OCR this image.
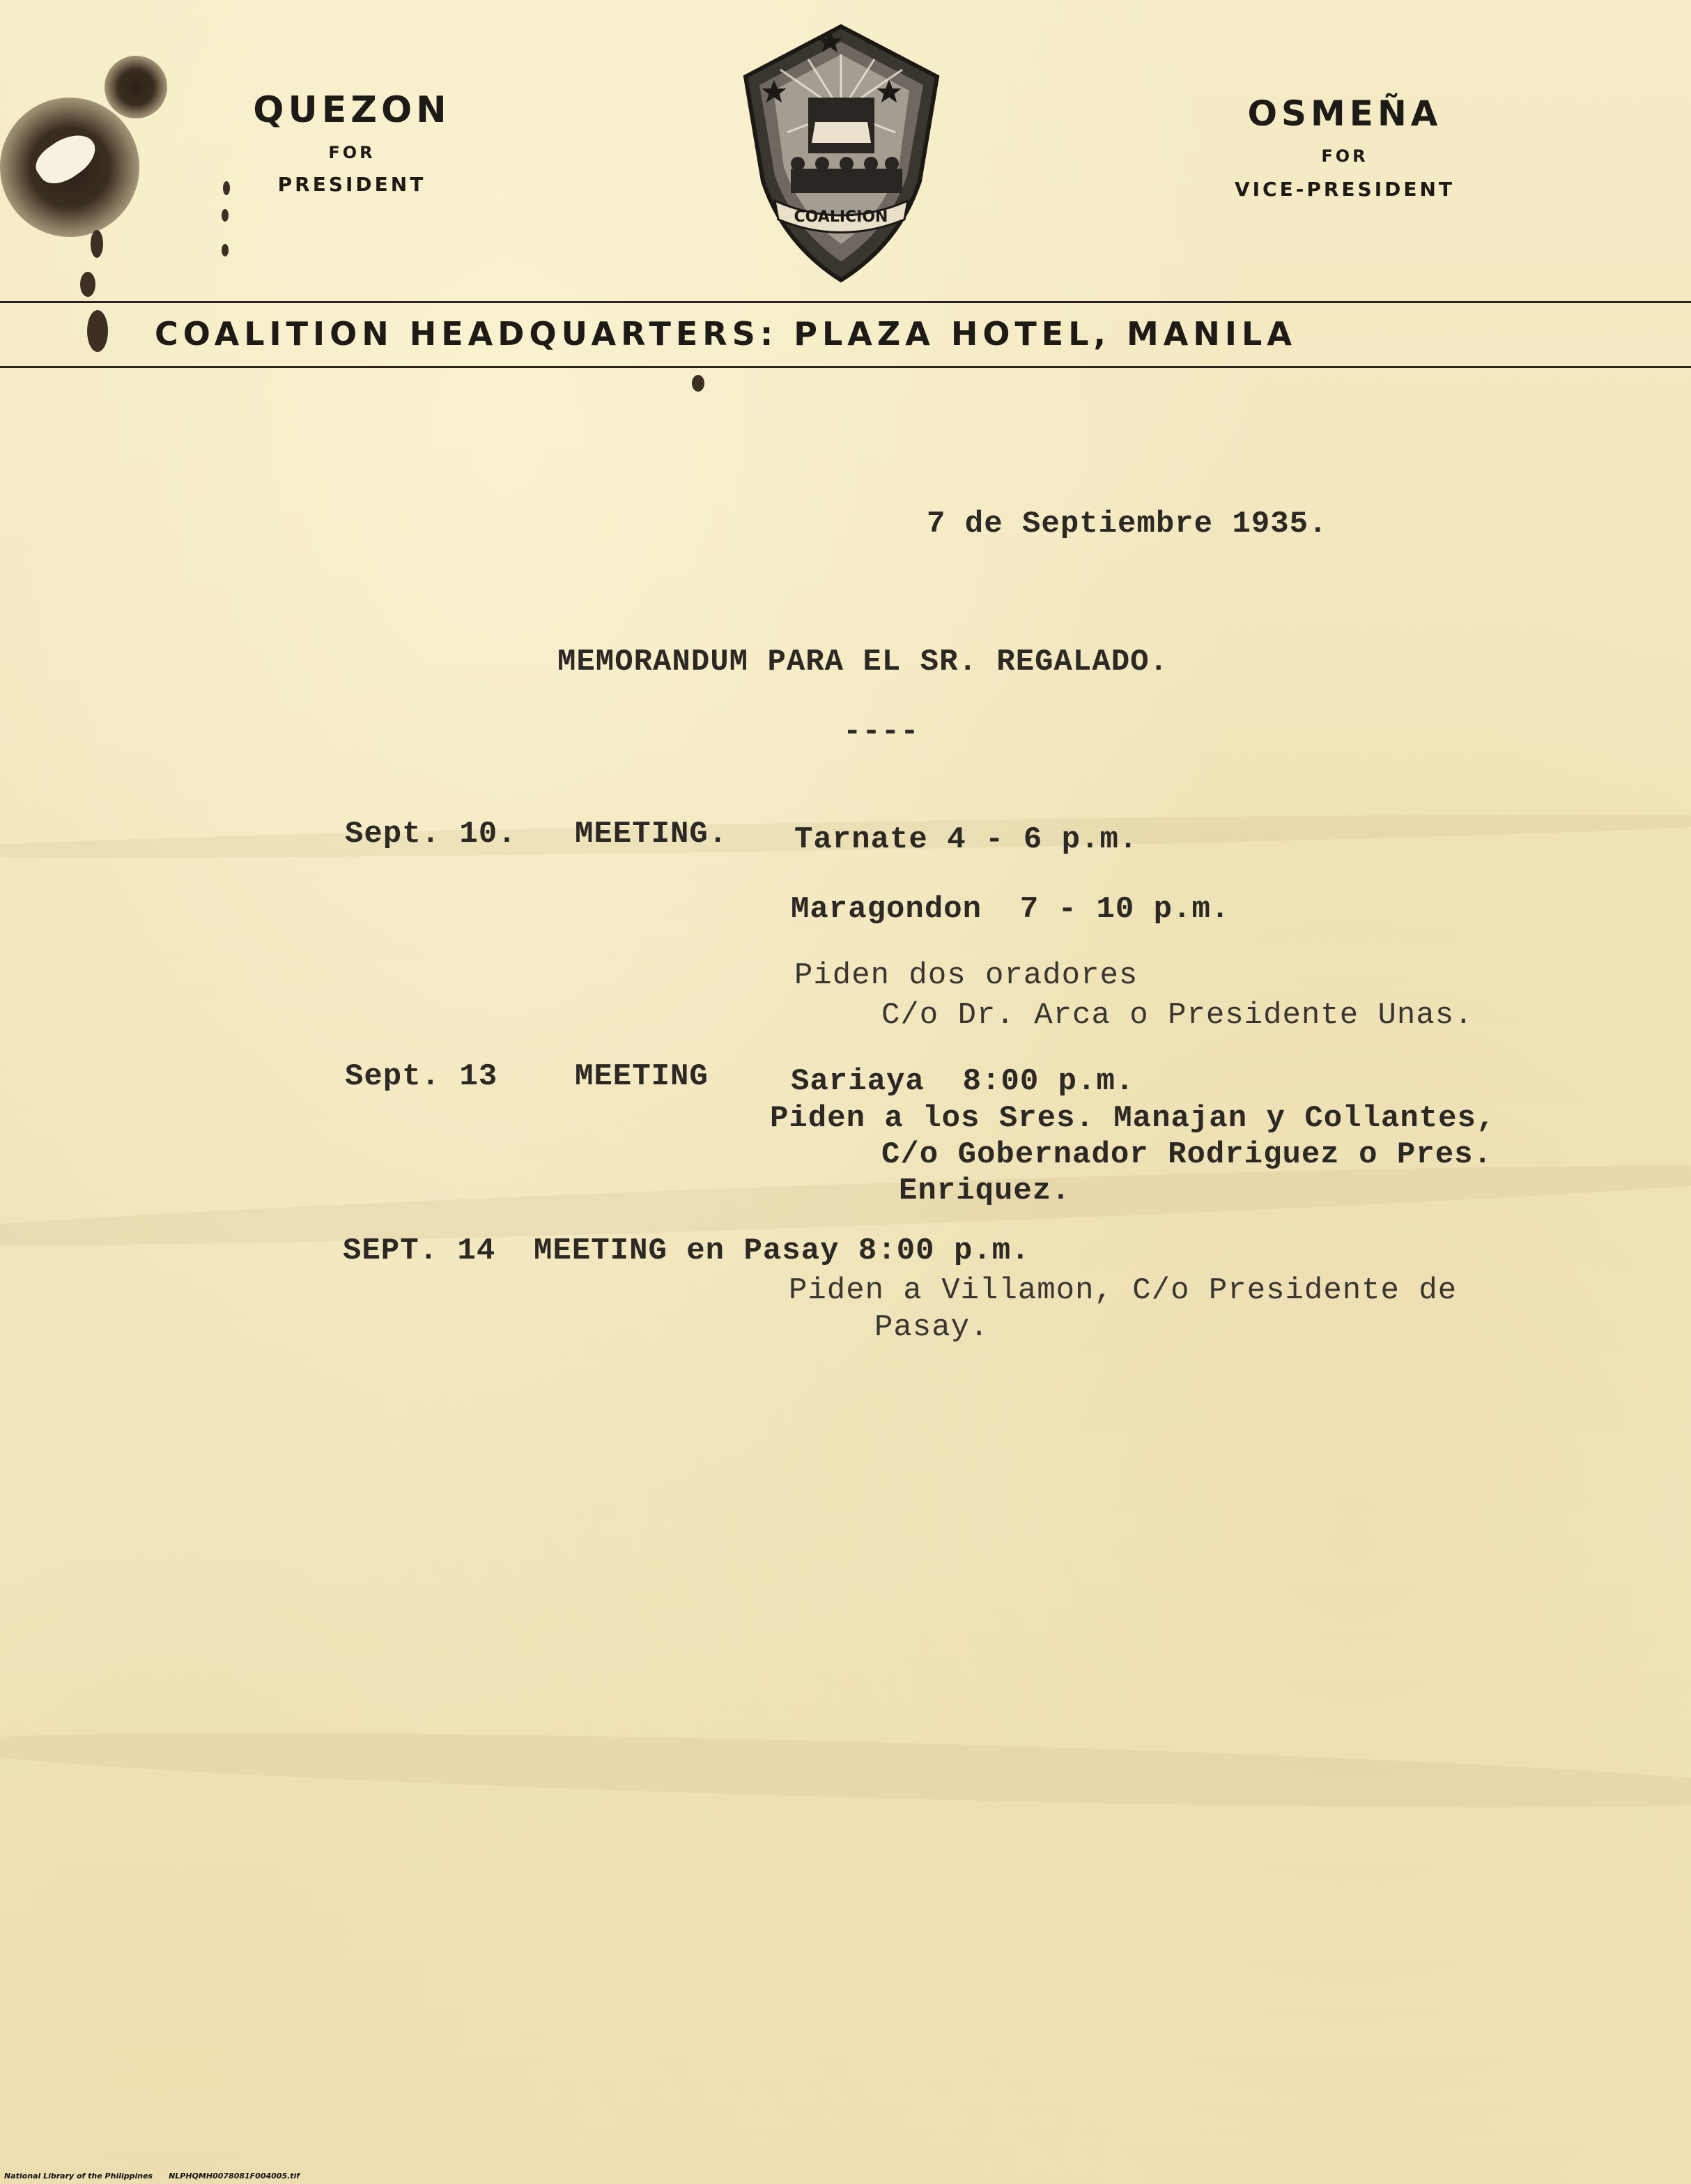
QUEZON
FOR
PRESIDENT
COALICION
OSMEÑA
FOR
VICE-PRESIDENT
COALITION HEADQUARTERS: PLAZA HOTEL, MANILA
7 de Septiembre 1935.
MEMORANDUM PARA EL SR. REGALADO.
----
Sept. 10. MEETING. Tarnate 4 - 6 p.m.
Maragondon  7 - 10 p.m.
Piden dos oradores
C/o Dr. Arca o Presidente Unas.
Sept. 13	MEETING	Sariaya  8:00 p.m.
Piden a los Sres. Manajan y Collantes,
C/o Gobernador Rodriguez o Pres.
Enriquez.
SEPT. 14  MEETING en Pasay 8:00 p.m.
Piden a Villamon, C/o Presidente de
Pasay.
National Library of the Philippines NLPHQMH0078081F004005.tif
